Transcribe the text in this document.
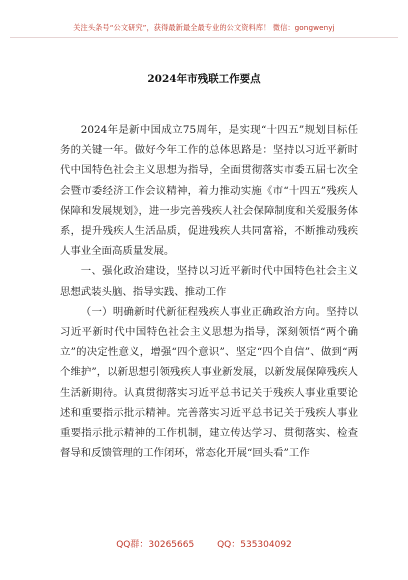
关注头条号“公文研究”，获得最新最全最专业的公文资料库！ 微信：gongwenyj
2024年市残联工作要点

2024年是新中国成立75周年，是实现“十四五”规划目标任务的关键一年。做好今年工作的总体思路是：坚持以习近平新时代中国特色社会主义思想为指导，全面贯彻落实市委五届七次全会暨市委经济工作会议精神，着力推动实施《市“十四五”残疾人保障和发展规划》，进一步完善残疾人社会保障制度和关爱服务体系，提升残疾人生活品质，促进残疾人共同富裕，不断推动残疾人事业全面高质量发展。

一、强化政治建设，坚持以习近平新时代中国特色社会主义思想武装头脑、指导实践、推动工作

（一）明确新时代新征程残疾人事业正确政治方向。坚持以习近平新时代中国特色社会主义思想为指导，深刻领悟“两个确立”的决定性意义，增强“四个意识”、坚定“四个自信”、做到“两个维护”，以新思想引领残疾人事业新发展，以新发展保障残疾人生活新期待。认真贯彻落实习近平总书记关于残疾人事业重要论述和重要指示批示精神。完善落实习近平总书记关于残疾人事业重要指示批示精神的工作机制，建立传达学习、贯彻落实、检查督导和反馈管理的工作闭环，常态化开展“回头看”工作

QQ群：30265665	QQ：535304092
